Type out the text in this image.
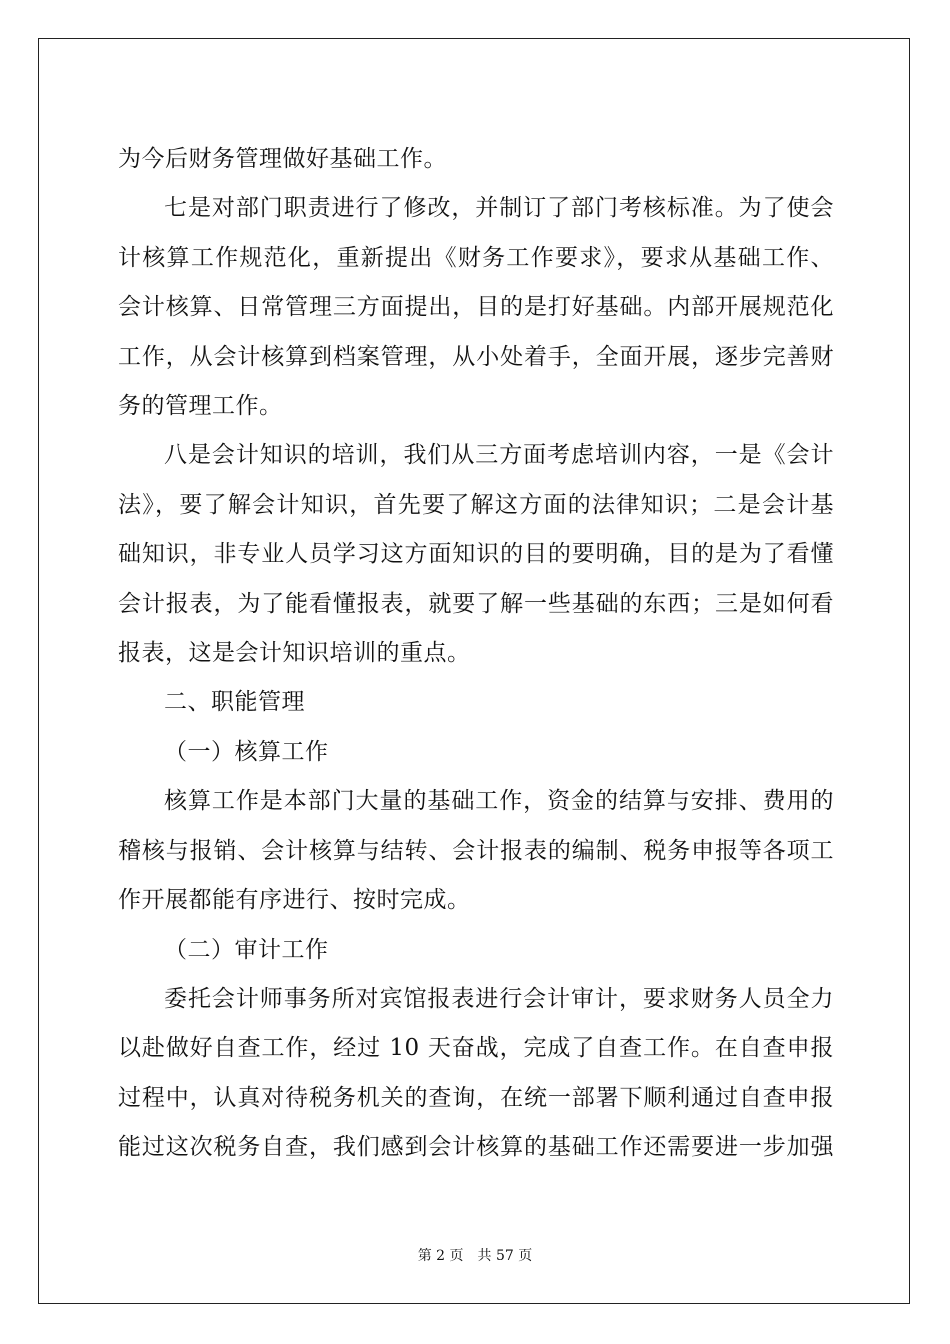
为今后财务管理做好基础工作。

七是对部门职责进行了修改，并制订了部门考核标准。为了使会
计核算工作规范化，重新提出《财务工作要求》，要求从基础工作、
会计核算、日常管理三方面提出，目的是打好基础。内部开展规范化
工作，从会计核算到档案管理，从小处着手，全面开展，逐步完善财
务的管理工作。

八是会计知识的培训，我们从三方面考虑培训内容，一是《会计
法》，要了解会计知识，首先要了解这方面的法律知识；二是会计基
础知识，非专业人员学习这方面知识的目的要明确，目的是为了看懂
会计报表，为了能看懂报表，就要了解一些基础的东西；三是如何看
报表，这是会计知识培训的重点。

二、职能管理

（一）核算工作

核算工作是本部门大量的基础工作，资金的结算与安排、费用的
稽核与报销、会计核算与结转、会计报表的编制、税务申报等各项工
作开展都能有序进行、按时完成。

（二）审计工作

委托会计师事务所对宾馆报表进行会计审计，要求财务人员全力
以赴做好自查工作，经过 10 天奋战，完成了自查工作。在自查申报
过程中，认真对待税务机关的查询，在统一部署下顺利通过自查申报
能过这次税务自查，我们感到会计核算的基础工作还需要进一步加强

第 2 页 共 57 页
